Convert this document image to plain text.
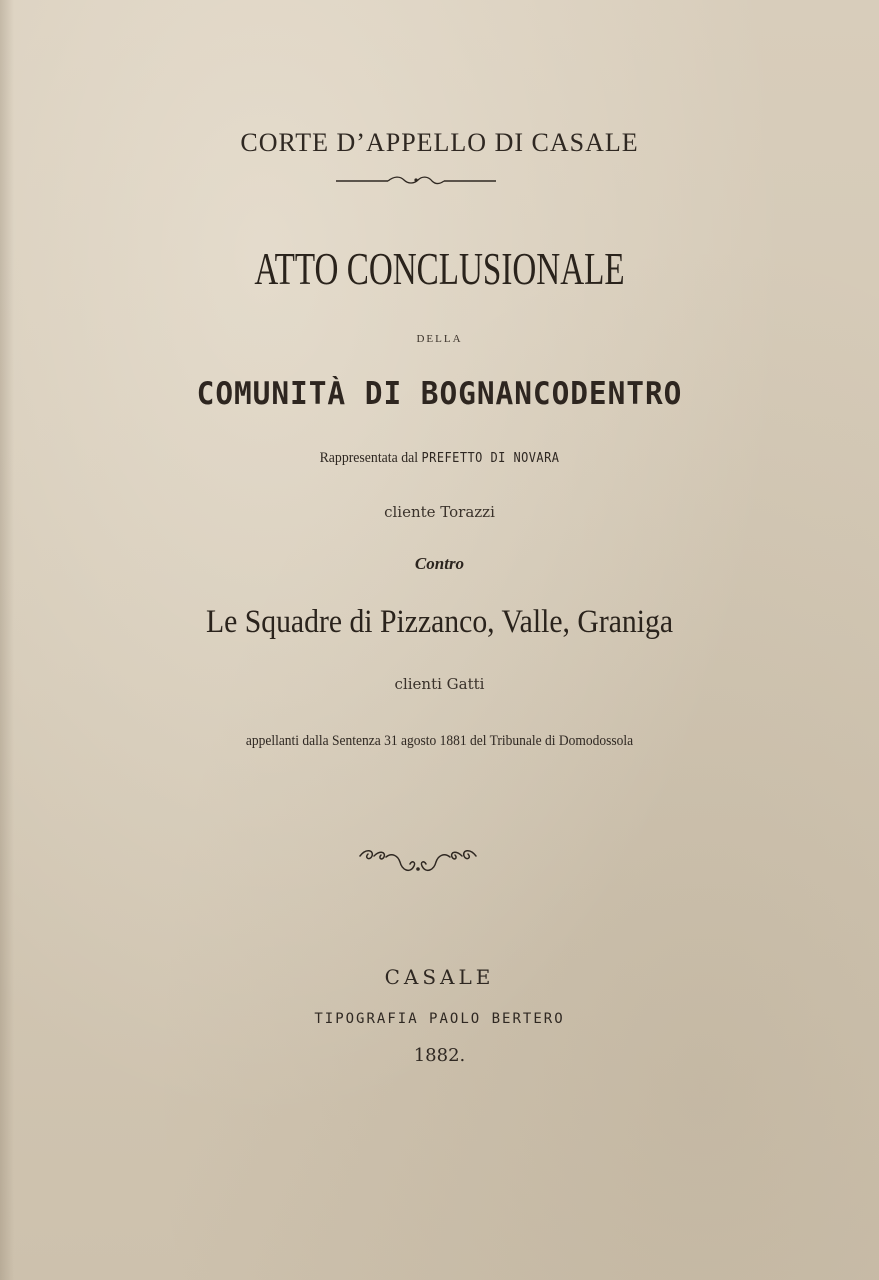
CORTE D’APPELLO DI CASALE
ATTO CONCLUSIONALE
DELLA
COMUNITÀ DI BOGNANCODENTRO
Rappresentata dal PREFETTO DI NOVARA
cliente Torazzi
Contro
Le Squadre di Pizzanco, Valle, Graniga
clienti Gatti
appellanti dalla Sentenza 31 agosto 1881 del Tribunale di Domodossola
CASALE
TIPOGRAFIA PAOLO BERTERO
1882.
